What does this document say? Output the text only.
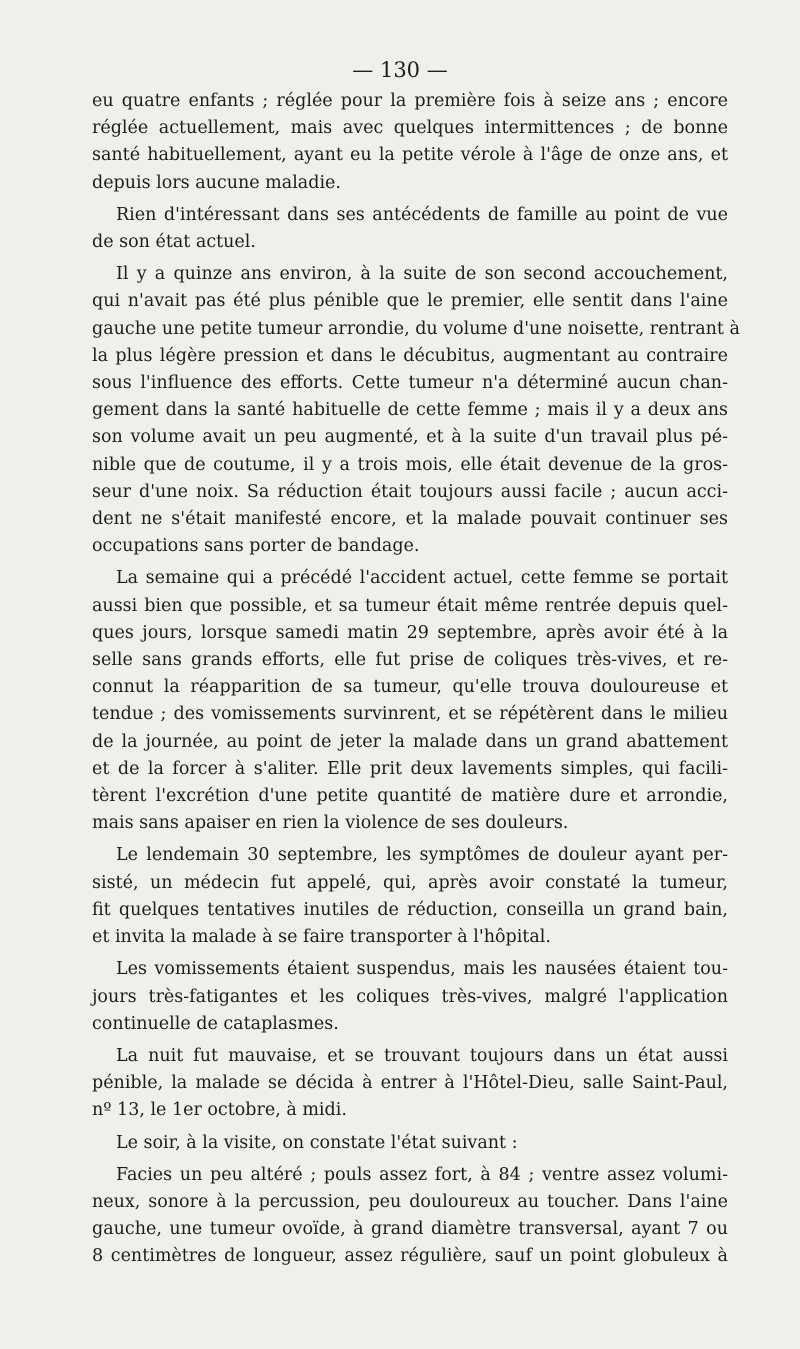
— 130 —
eu quatre enfants ; réglée pour la première fois à seize ans ; encore
réglée actuellement, mais avec quelques intermittences ; de bonne
santé habituellement, ayant eu la petite vérole à l'âge de onze ans, et
depuis lors aucune maladie.
Rien d'intéressant dans ses antécédents de famille au point de vue
de son état actuel.
Il y a quinze ans environ, à la suite de son second accouchement,
qui n'avait pas été plus pénible que le premier, elle sentit dans l'aine
gauche une petite tumeur arrondie, du volume d'une noisette, rentrant à
la plus légère pression et dans le décubitus, augmentant au contraire
sous l'influence des efforts. Cette tumeur n'a déterminé aucun chan-
gement dans la santé habituelle de cette femme ; mais il y a deux ans
son volume avait un peu augmenté, et à la suite d'un travail plus pé-
nible que de coutume, il y a trois mois, elle était devenue de la gros-
seur d'une noix. Sa réduction était toujours aussi facile ; aucun acci-
dent ne s'était manifesté encore, et la malade pouvait continuer ses
occupations sans porter de bandage.
La semaine qui a précédé l'accident actuel, cette femme se portait
aussi bien que possible, et sa tumeur était même rentrée depuis quel-
ques jours, lorsque samedi matin 29 septembre, après avoir été à la
selle sans grands efforts, elle fut prise de coliques très-vives, et re-
connut la réapparition de sa tumeur, qu'elle trouva douloureuse et
tendue ; des vomissements survinrent, et se répétèrent dans le milieu
de la journée, au point de jeter la malade dans un grand abattement
et de la forcer à s'aliter. Elle prit deux lavements simples, qui facili-
tèrent l'excrétion d'une petite quantité de matière dure et arrondie,
mais sans apaiser en rien la violence de ses douleurs.
Le lendemain 30 septembre, les symptômes de douleur ayant per-
sisté, un médecin fut appelé, qui, après avoir constaté la tumeur,
fit quelques tentatives inutiles de réduction, conseilla un grand bain,
et invita la malade à se faire transporter à l'hôpital.
Les vomissements étaient suspendus, mais les nausées étaient tou-
jours très-fatigantes et les coliques très-vives, malgré l'application
continuelle de cataplasmes.
La nuit fut mauvaise, et se trouvant toujours dans un état aussi
pénible, la malade se décida à entrer à l'Hôtel-Dieu, salle Saint-Paul,
nº 13, le 1er octobre, à midi.
Le soir, à la visite, on constate l'état suivant :
Facies un peu altéré ; pouls assez fort, à 84 ; ventre assez volumi-
neux, sonore à la percussion, peu douloureux au toucher. Dans l'aine
gauche, une tumeur ovoïde, à grand diamètre transversal, ayant 7 ou
8 centimètres de longueur, assez régulière, sauf un point globuleux à
